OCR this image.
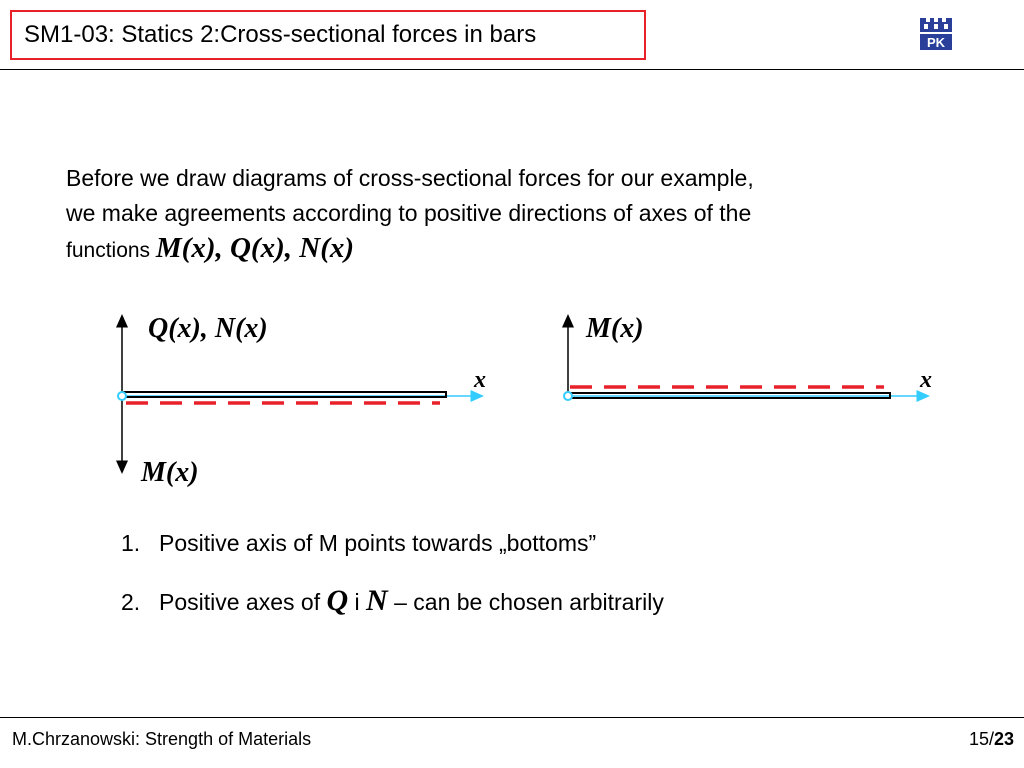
SM1-03: Statics 2:Cross-sectional forces in bars	PK
Before we draw diagrams of cross-sectional forces for our example,
we make agreements according to positive directions of axes of the
functions M(x), Q(x), N(x)
Q(x), N(x)
M(x)
x
M(x)
x
1. Positive axis of M points towards „bottoms”
2. Positive axes of Q i N – can be chosen arbitrarily
M.Chrzanowski: Strength of Materials	15/23
